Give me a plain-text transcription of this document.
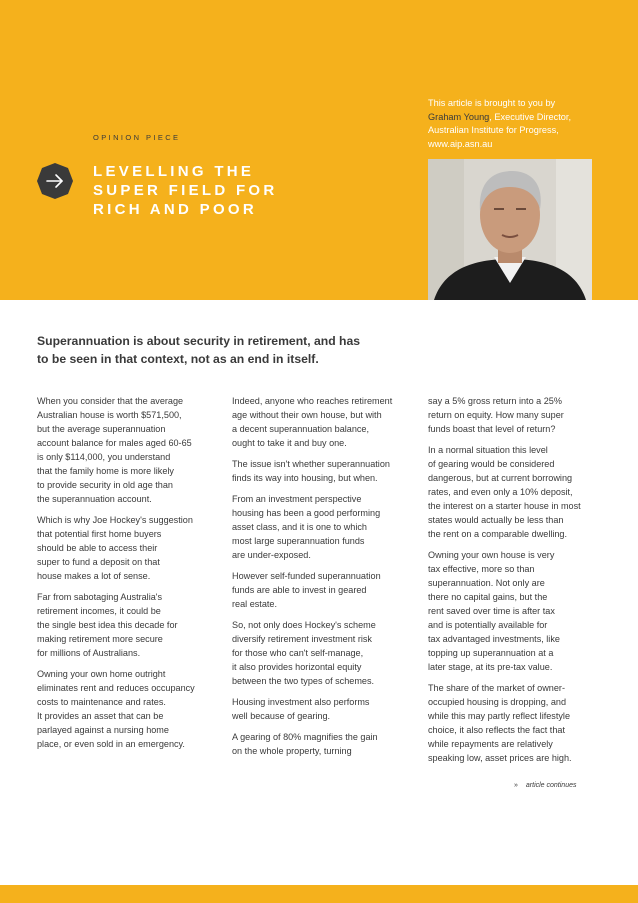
OPINION PIECE
LEVELLING THE
SUPER FIELD FOR
RICH AND POOR
This article is brought to you by
Graham Young, Executive Director,
Australian Institute for Progress,
www.aip.asn.au
Superannuation is about security in retirement, and has
to be seen in that context, not as an end in itself.

When you consider that the average
Australian house is worth $571,500,
but the average superannuation
account balance for males aged 60-65
is only $114,000, you understand
that the family home is more likely
to provide security in old age than
the superannuation account.

Which is why Joe Hockey's suggestion
that potential first home buyers
should be able to access their
super to fund a deposit on that
house makes a lot of sense.

Far from sabotaging Australia's
retirement incomes, it could be
the single best idea this decade for
making retirement more secure
for millions of Australians.

Owning your own home outright
eliminates rent and reduces occupancy
costs to maintenance and rates.
It provides an asset that can be
parlayed against a nursing home
place, or even sold in an emergency.

Indeed, anyone who reaches retirement
age without their own house, but with
a decent superannuation balance,
ought to take it and buy one.

The issue isn't whether superannuation
finds its way into housing, but when.

From an investment perspective
housing has been a good performing
asset class, and it is one to which
most large superannuation funds
are under-exposed.

However self-funded superannuation
funds are able to invest in geared
real estate.

So, not only does Hockey's scheme
diversify retirement investment risk
for those who can't self-manage,
it also provides horizontal equity
between the two types of schemes.

Housing investment also performs
well because of gearing.

A gearing of 80% magnifies the gain
on the whole property, turning

say a 5% gross return into a 25%
return on equity. How many super
funds boast that level of return?

In a normal situation this level
of gearing would be considered
dangerous, but at current borrowing
rates, and even only a 10% deposit,
the interest on a starter house in most
states would actually be less than
the rent on a comparable dwelling.

Owning your own house is very
tax effective, more so than
superannuation. Not only are
there no capital gains, but the
rent saved over time is after tax
and is potentially available for
tax advantaged investments, like
topping up superannuation at a
later stage, at its pre-tax value.

The share of the market of owner-
occupied housing is dropping, and
while this may partly reflect lifestyle
choice, it also reflects the fact that
while repayments are relatively
speaking low, asset prices are high.

» article continues
